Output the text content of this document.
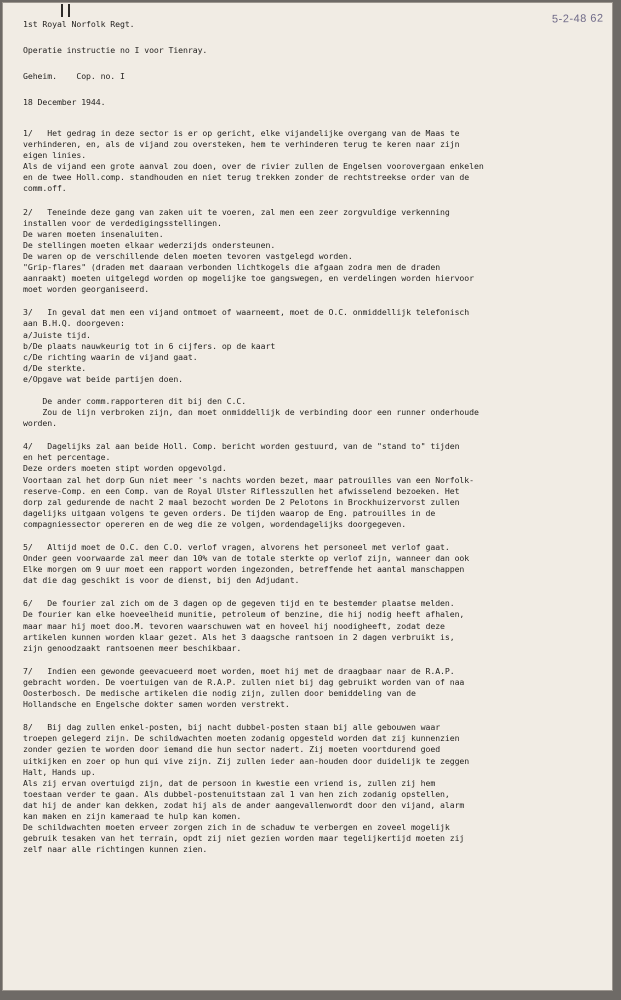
5-2-48 62
1st Royal Norfolk Regt.
Operatie instructie no I voor Tienray.
Geheim.    Cop. no. I
18 December 1944.
1/   Het gedrag in deze sector is er op gericht, elke vijandelijke overgang van de Maas te
verhinderen, en, als de vijand zou oversteken, hem te verhinderen terug te keren naar zijn
eigen linies.
Als de vijand een grote aanval zou doen, over de rivier zullen de Engelsen voorovergaan enkelen
en de twee Holl.comp. standhouden en niet terug trekken zonder de rechtstreekse order van de
comm.off.
2/   Teneinde deze gang van zaken uit te voeren, zal men een zeer zorgvuldige verkenning
installen voor de verdedigingsstellingen.
De waren moeten insenaluiten.
De stellingen moeten elkaar wederzijds ondersteunen.
De waren op de verschillende delen moeten tevoren vastgelegd worden.
"Grip-flares" (draden met daaraan verbonden lichtkogels die afgaan zodra men de draden
aanraakt) moeten uitgelegd worden op mogelijke toe gangswegen, en verdelingen worden hiervoor
moet worden georganiseerd.
3/   In geval dat men een vijand ontmoet of waarneemt, moet de O.C. onmiddellijk telefonisch
aan B.H.Q. doorgeven:
a/Juiste tijd.
b/De plaats nauwkeurig tot in 6 cijfers. op de kaart
c/De richting waarin de vijand gaat.
d/De sterkte.
e/Opgave wat beide partijen doen.
De ander comm.rapporteren dit bij den C.C.
Zou de lijn verbroken zijn, dan moet onmiddellijk de verbinding door een runner onderhoude
worden.
4/   Dagelijks zal aan beide Holl. Comp. bericht worden gestuurd, van de "stand to" tijden
en het percentage.
Deze orders moeten stipt worden opgevolgd.
Voortaan zal het dorp Gun niet meer 's nachts worden bezet, maar patrouilles van een Norfolk-
reserve-Comp. en een Comp. van de Royal Ulster Riflesszullen het afwisselend bezoeken. Het
dorp zal gedurende de nacht 2 maal bezocht worden De 2 Pelotons in Brockhuizervorst zullen
dagelijks uitgaan volgens te geven orders. De tijden waarop de Eng. patrouilles in de
compagniessector opereren en de weg die ze volgen, wordendagelijks doorgegeven.
5/   Altijd moet de O.C. den C.O. verlof vragen, alvorens het personeel met verlof gaat.
Onder geen voorwaarde zal meer dan 10% van de totale sterkte op verlof zijn, wanneer dan ook
Elke morgen om 9 uur moet een rapport worden ingezonden, betreffende het aantal manschappen
dat die dag geschikt is voor de dienst, bij den Adjudant.
6/   De fourier zal zich om de 3 dagen op de gegeven tijd en te bestemder plaatse melden.
De fourier kan elke hoeveelheid munitie, petroleum of benzine, die hij nodig heeft afhalen,
maar maar hij moet doo.M. tevoren waarschuwen wat en hoveel hij noodigheeft, zodat deze
artikelen kunnen worden klaar gezet. Als het 3 daagsche rantsoen in 2 dagen verbruikt is,
zijn genoodzaakt rantsoenen meer beschikbaar.
7/   Indien een gewonde geevacueerd moet worden, moet hij met de draagbaar naar de R.A.P.
gebracht worden. De voertuigen van de R.A.P. zullen niet bij dag gebruikt worden van of naa
Oosterbosch. De medische artikelen die nodig zijn, zullen door bemiddeling van de
Hollandsche en Engelsche dokter samen worden verstrekt.
8/   Bij dag zullen enkel-posten, bij nacht dubbel-posten staan bij alle gebouwen waar
troepen gelegerd zijn. De schildwachten moeten zodanig opgesteld worden dat zij kunnenzien
zonder gezien te worden door iemand die hun sector nadert. Zij moeten voortdurend goed
uitkijken en zoer op hun qui vive zijn. Zij zullen ieder aan-houden door duidelijk te zeggen
Halt, Hands up.
Als zij ervan overtuigd zijn, dat de persoon in kwestie een vriend is, zullen zij hem
toestaan verder te gaan. Als dubbel-postenuitstaan zal 1 van hen zich zodanig opstellen,
dat hij de ander kan dekken, zodat hij als de ander aangevallenwordt door den vijand, alarm
kan maken en zijn kameraad te hulp kan komen.
De schildwachten moeten erveer zorgen zich in de schaduw te verbergen en zoveel mogelijk
gebruik tesaken van het terrain, opdt zij niet gezien worden maar tegelijkertijd moeten zij
zelf naar alle richtingen kunnen zien.
